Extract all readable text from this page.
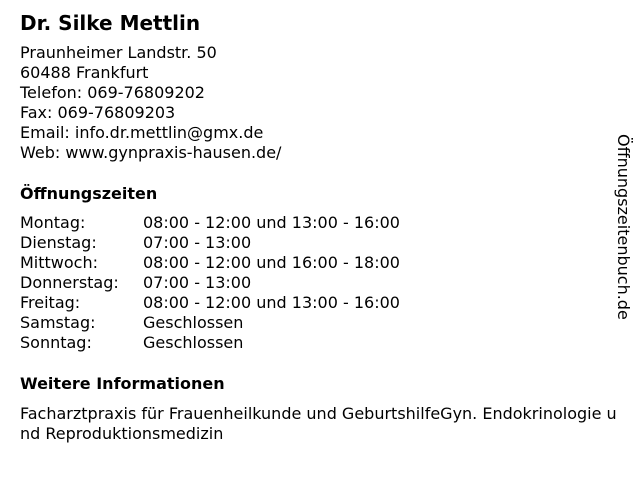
Dr. Silke Mettlin
Praunheimer Landstr. 50
60488 Frankfurt
Telefon: 069-76809202
Fax: 069-76809203
Email: info.dr.mettlin@gmx.de
Web: www.gynpraxis-hausen.de/
Öffnungszeiten
Montag:	08:00 - 12:00 und 13:00 - 16:00
Dienstag:	07:00 - 13:00
Mittwoch:	08:00 - 12:00 und 16:00 - 18:00
Donnerstag: 07:00 - 13:00
Freitag:	08:00 - 12:00 und 13:00 - 16:00
Samstag:	Geschlossen
Sonntag:	Geschlossen
Weitere Informationen
Facharztpraxis für Frauenheilkunde und GeburtshilfeGyn. Endokrinologie und Reproduktionsmedizin
Öffnungszeitenbuch.de
